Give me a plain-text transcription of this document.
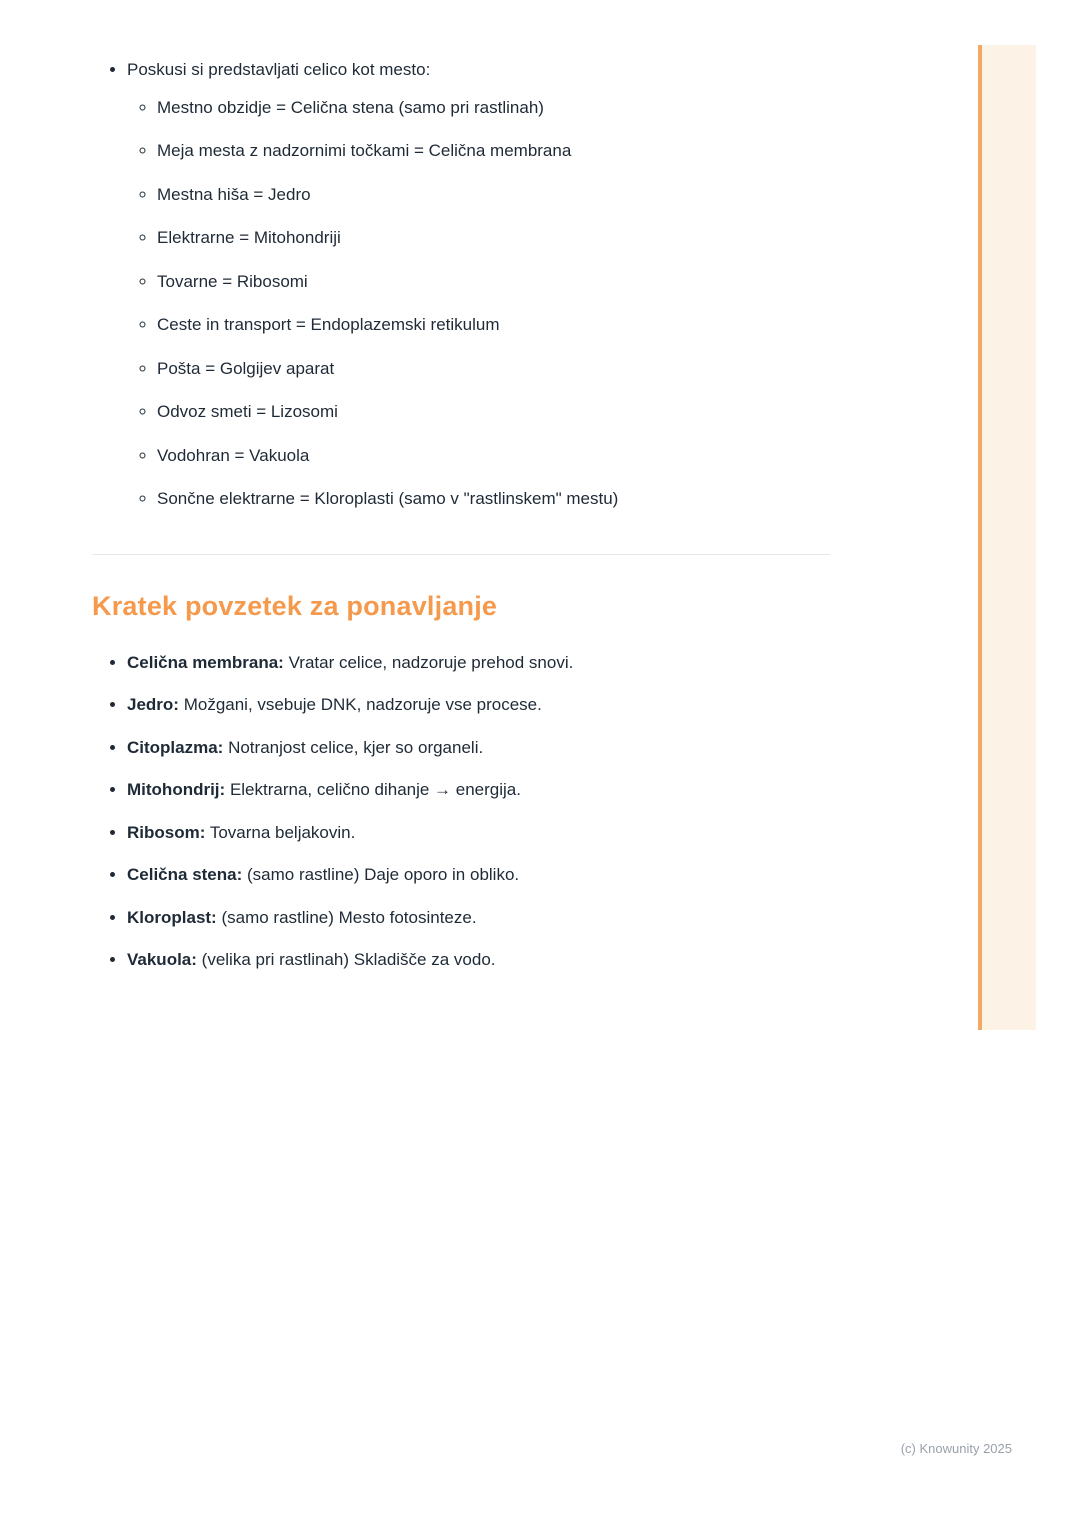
• Poskusi si predstavljati celico kot mesto:
◦ Mestno obzidje = Celična stena (samo pri rastlinah)
◦ Meja mesta z nadzornimi točkami = Celična membrana
◦ Mestna hiša = Jedro
◦ Elektrarne = Mitohondriji
◦ Tovarne = Ribosomi
◦ Ceste in transport = Endoplazemski retikulum
◦ Pošta = Golgijev aparat
◦ Odvoz smeti = Lizosomi
◦ Vodohran = Vakuola
◦ Sončne elektrarne = Kloroplasti (samo v "rastlinskem" mestu)
Kratek povzetek za ponavljanje
• Celična membrana: Vratar celice, nadzoruje prehod snovi.
• Jedro: Možgani, vsebuje DNK, nadzoruje vse procese.
• Citoplazma: Notranjost celice, kjer so organeli.
• Mitohondrij: Elektrarna, celično dihanje → energija.
• Ribosom: Tovarna beljakovin.
• Celična stena: (samo rastline) Daje oporo in obliko.
• Kloroplast: (samo rastline) Mesto fotosinteze.
• Vakuola: (velika pri rastlinah) Skladišče za vodo.
(c) Knowunity 2025
